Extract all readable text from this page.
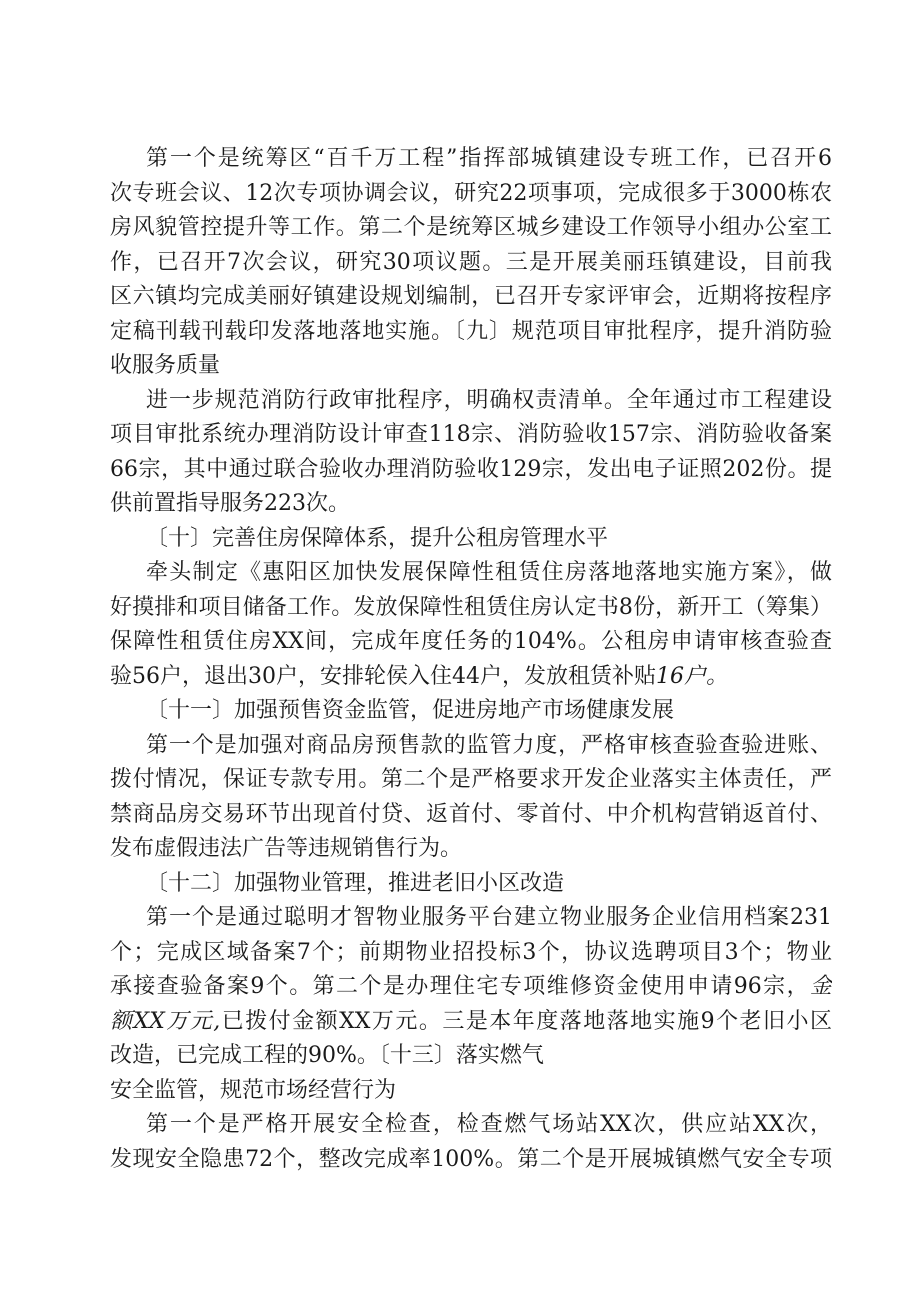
第一个是统筹区“百千万工程”指挥部城镇建设专班工作，已召开6
次专班会议、12次专项协调会议，研究22项事项，完成很多于3000栋农
房风貌管控提升等工作。第二个是统筹区城乡建设工作领导小组办公室工
作，已召开7次会议，研究30项议题。三是开展美丽珏镇建设，目前我
区六镇均完成美丽好镇建设规划编制，已召开专家评审会，近期将按程序
定稿刊载刊载印发落地落地实施。〔九〕规范项目审批程序，提升消防验
收服务质量
进一步规范消防行政审批程序，明确权责清单。全年通过市工程建设
项目审批系统办理消防设计审查118宗、消防验收157宗、消防验收备案
66宗，其中通过联合验收办理消防验收129宗，发出电子证照202份。提
供前置指导服务223次。
〔十〕完善住房保障体系，提升公租房管理水平
牵头制定《惠阳区加快发展保障性租赁住房落地落地实施方案》，做
好摸排和项目储备工作。发放保障性租赁住房认定书8份，新开工（筹集）
保障性租赁住房XX间，完成年度任务的104%。公租房申请审核查验查
验56户，退出30户，安排轮侯入住44户，发放租赁补贴16户。
〔十一〕加强预售资金监管，促进房地产市场健康发展
第一个是加强对商品房预售款的监管力度，严格审核查验查验进账、
拨付情况，保证专款专用。第二个是严格要求开发企业落实主体责任，严
禁商品房交易环节出现首付贷、返首付、零首付、中介机构营销返首付、
发布虚假违法广告等违规销售行为。
〔十二〕加强物业管理，推进老旧小区改造
第一个是通过聪明才智物业服务平台建立物业服务企业信用档案231
个；完成区域备案7个；前期物业招投标3个，协议选聘项目3个；物业
承接查验备案9个。第二个是办理住宅专项维修资金使用申请96宗，金
额XX万元,已拨付金额XX万元。三是本年度落地落地实施9个老旧小区
改造，已完成工程的90%。〔十三〕落实燃气
安全监管，规范市场经营行为
第一个是严格开展安全检查，检查燃气场站XX次，供应站XX次，
发现安全隐患72个，整改完成率100%。第二个是开展城镇燃气安全专项
